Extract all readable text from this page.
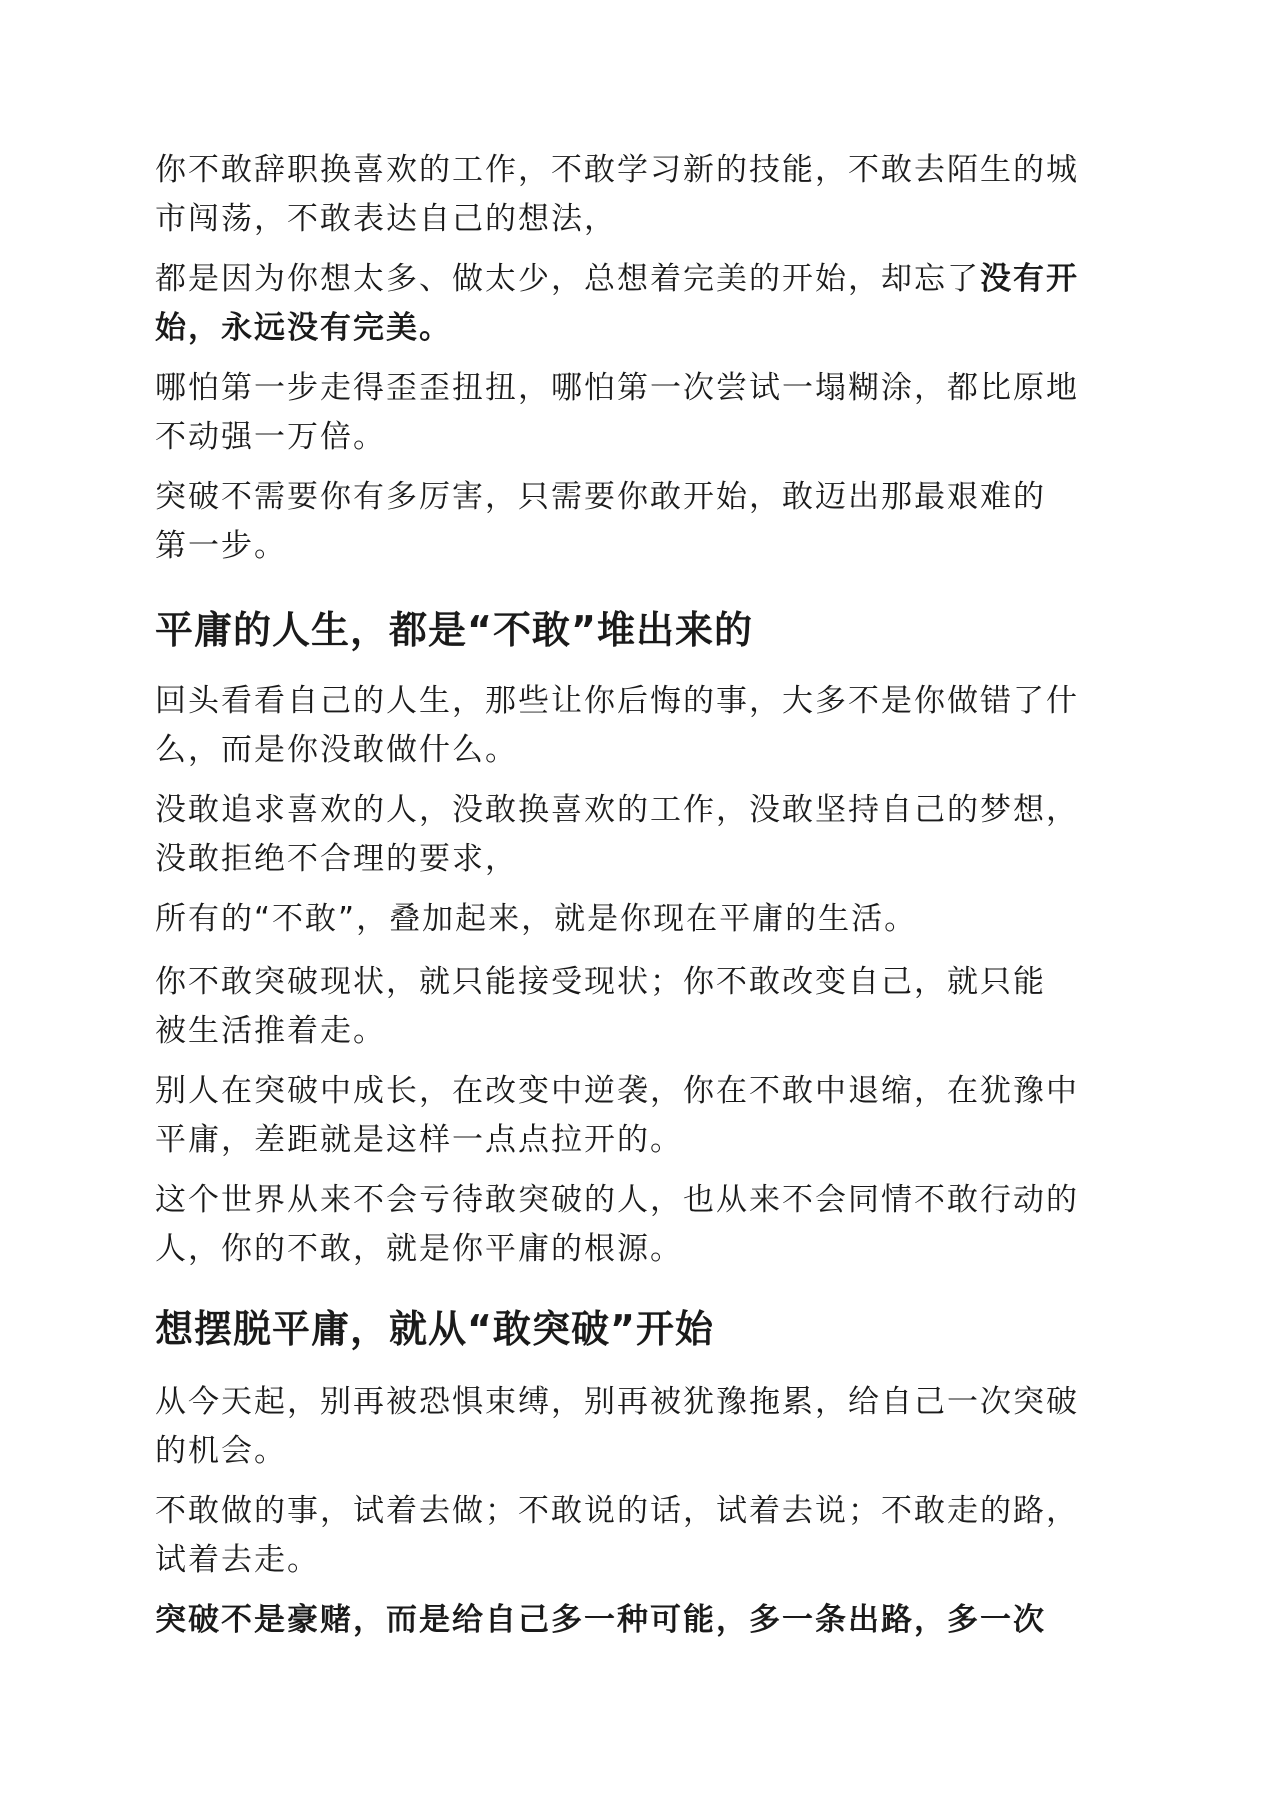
你不敢辞职换喜欢的工作，不敢学习新的技能，不敢去陌生的城
市闯荡，不敢表达自己的想法，
都是因为你想太多、做太少，总想着完美的开始，却忘了没有开
始，永远没有完美。
哪怕第一步走得歪歪扭扭，哪怕第一次尝试一塌糊涂，都比原地
不动强一万倍。
突破不需要你有多厉害，只需要你敢开始，敢迈出那最艰难的
第一步。
平庸的人生，都是“不敢”堆出来的
回头看看自己的人生，那些让你后悔的事，大多不是你做错了什
么，而是你没敢做什么。
没敢追求喜欢的人，没敢换喜欢的工作，没敢坚持自己的梦想，
没敢拒绝不合理的要求，
所有的“不敢”，叠加起来，就是你现在平庸的生活。
你不敢突破现状，就只能接受现状；你不敢改变自己，就只能
被生活推着走。
别人在突破中成长，在改变中逆袭，你在不敢中退缩，在犹豫中
平庸，差距就是这样一点点拉开的。
这个世界从来不会亏待敢突破的人，也从来不会同情不敢行动的
人，你的不敢，就是你平庸的根源。
想摆脱平庸，就从“敢突破”开始
从今天起，别再被恐惧束缚，别再被犹豫拖累，给自己一次突破
的机会。
不敢做的事，试着去做；不敢说的话，试着去说；不敢走的路，
试着去走。
突破不是豪赌，而是给自己多一种可能，多一条出路，多一次
